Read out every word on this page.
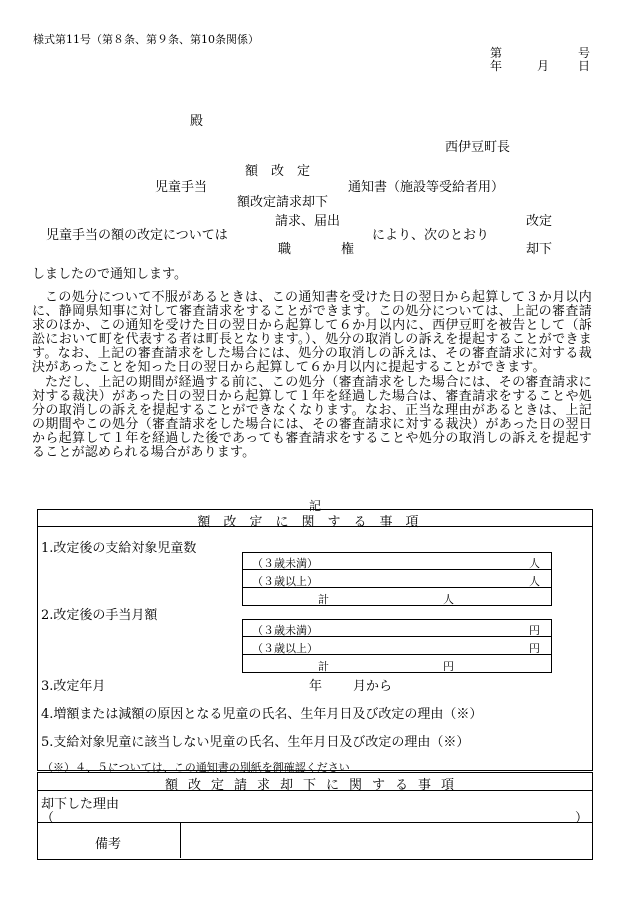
様式第11号（第８条、第９条、第10条関係）
第	号
年	月 日
殿
西伊豆町長
額　改　定
児童手当	通知書（施設等受給者用）
額改定請求却下
請求、届出	改定
児童手当の額の改定については	により、次のとおり
職	権	却下
しましたので通知します。

この処分について不服があるときは、この通知書を受けた日の翌日から起算して３か月以内に、静岡県知事に対して審査請求をすることができます。この処分については、上記の審査請求のほか、この通知を受けた日の翌日から起算して６か月以内に、西伊豆町を被告として（訴訟において町を代表する者は町長となります。）、処分の取消しの訴えを提起することができます。なお、上記の審査請求をした場合には、処分の取消しの訴えは、その審査請求に対する裁決があったことを知った日の翌日から起算して６か月以内に提起することができます。

ただし、上記の期間が経過する前に、この処分（審査請求をした場合には、その審査請求に対する裁決）があった日の翌日から起算して１年を経過した場合は、審査請求をすることや処分の取消しの訴えを提起することができなくなります。なお、正当な理由があるときは、上記の期間やこの処分（審査請求をした場合には、その審査請求に対する裁決）があった日の翌日から起算して１年を経過した後であっても審査請求をすることや処分の取消しの訴えを提起することが認められる場合があります。

記
額改定に関する事項
1.改定後の支給対象児童数
（３歳未満）	人
（３歳以上）	人
計	人
2.改定後の手当月額
（３歳未満）	円
（３歳以上）	円
計	円
3.改定年月	年 月から
4.増額または減額の原因となる児童の氏名、生年月日及び改定の理由（※）
5.支給対象児童に該当しない児童の氏名、生年月日及び改定の理由（※）
（※）４、５については、この通知書の別紙を御確認ください
額改定請求却下に関する事項
却下した理由
（	）
備考
